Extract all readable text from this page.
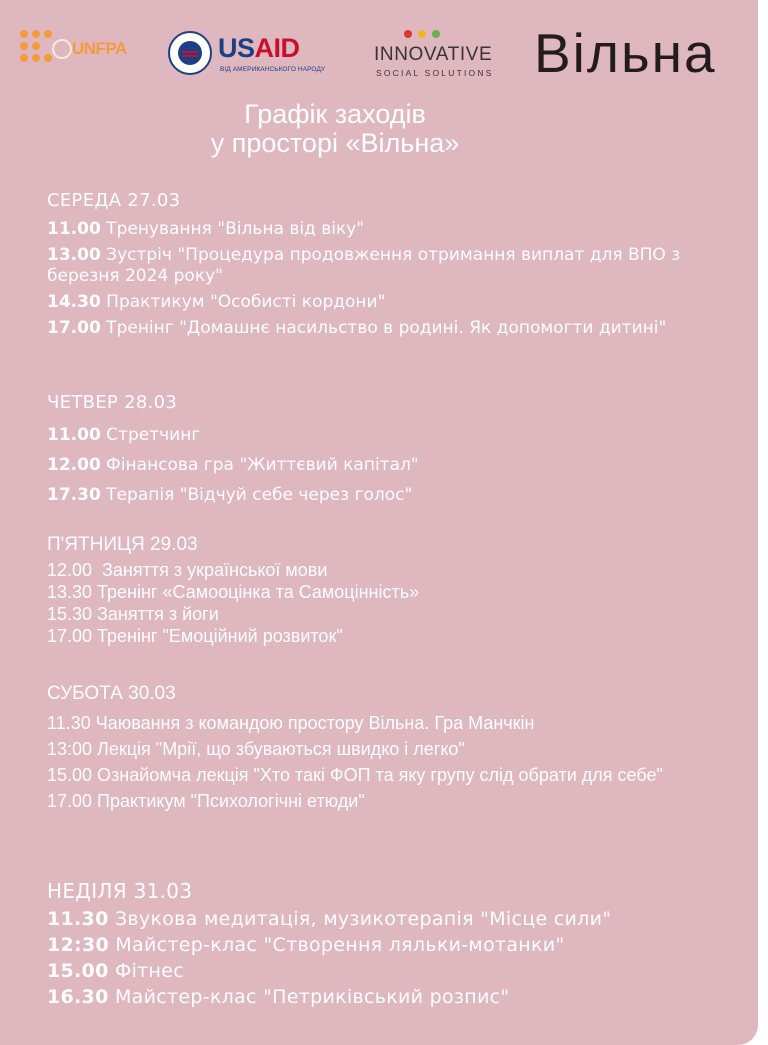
UNFPA	USAID
ВІД АМЕРИКАНСЬКОГО НАРОДУ
INNOVATIVE
SOCIAL SOLUTIONS Вільна
Графік заходів
у просторі «Вільна»
СЕРЕДА 27.03
11.00 Тренування "Вільна від віку"
13.00 Зустріч "Процедура продовження отримання виплат для ВПО з березня 2024 року"
14.30 Практикум "Особисті кордони"
17.00 Тренінг "Домашнє насильство в родині. Як допомогти дитині"
ЧЕТВЕР 28.03
11.00 Стретчинг
12.00 Фінансова гра "Життєвий капітал"
17.30 Терапія "Відчуй себе через голос"
П'ЯТНИЦЯ 29.03
12.00  Заняття з української мови
13.30 Тренінг «Самооцінка та Самоцінність»
15.30 Заняття з йоги
17.00 Тренінг "Емоційний розвиток"
СУБОТА 30.03
11.30 Чаювання з командою простору Вільна. Гра Манчкін
13:00 Лекція "Мрії, що збуваються швидко і легко"
15.00 Ознайомча лекція "Хто такі ФОП та яку групу слід обрати для себе"
17.00 Практикум "Психологічні етюди"
НЕДІЛЯ 31.03
11.30 Звукова медитація, музикотерапія "Місце сили"
12:30 Майстер-клас "Створення ляльки-мотанки"
15.00 Фітнес
16.30 Майстер-клас "Петриківський розпис"
